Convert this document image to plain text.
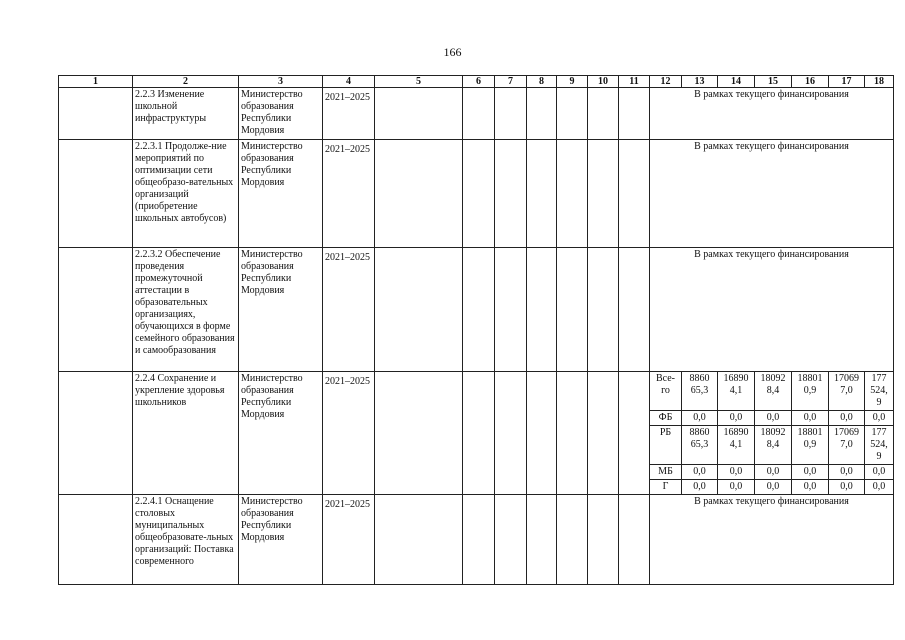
166
1	2	3	4	5	6	7	8	9	10	11	12	13	14	15	16	17	18
	2.2.3 Изменение школьной инфраструктуры	Министерство образования Республики Мордовия	2021–2025								В рамках текущего финансирования						
	2.2.3.1 Продолже-ние мероприятий по оптимизации сети общеобразо-вательных организаций (приобретение школьных автобусов)	Министерство образования Республики Мордовия	2021–2025								В рамках текущего финансирования						
	2.2.3.2 Обеспечение проведения промежуточной аттестации в образовательных организациях, обучающихся в форме семейного образования и самообразования	Министерство образования Республики Мордовия	2021–2025								В рамках текущего финансирования						
	2.2.4 Сохранение и укрепление здоровья школьников	Министерство образования Республики Мордовия	2021–2025								Все-го	8860 65,3	16890 4,1	18092 8,4	18801 0,9	17069 7,0	177 524, 9
											ФБ	0,0	0,0	0,0	0,0	0,0	0,0
											РБ	8860 65,3	16890 4,1	18092 8,4	18801 0,9	17069 7,0	177 524, 9
											МБ	0,0	0,0	0,0	0,0	0,0	0,0
											Г	0,0	0,0	0,0	0,0	0,0	0,0
	2.2.4.1 Оснащение столовых муниципальных общеобразовате-льных организаций: Поставка современного	Министерство образования Республики Мордовия	2021–2025								В рамках текущего финансирования						
